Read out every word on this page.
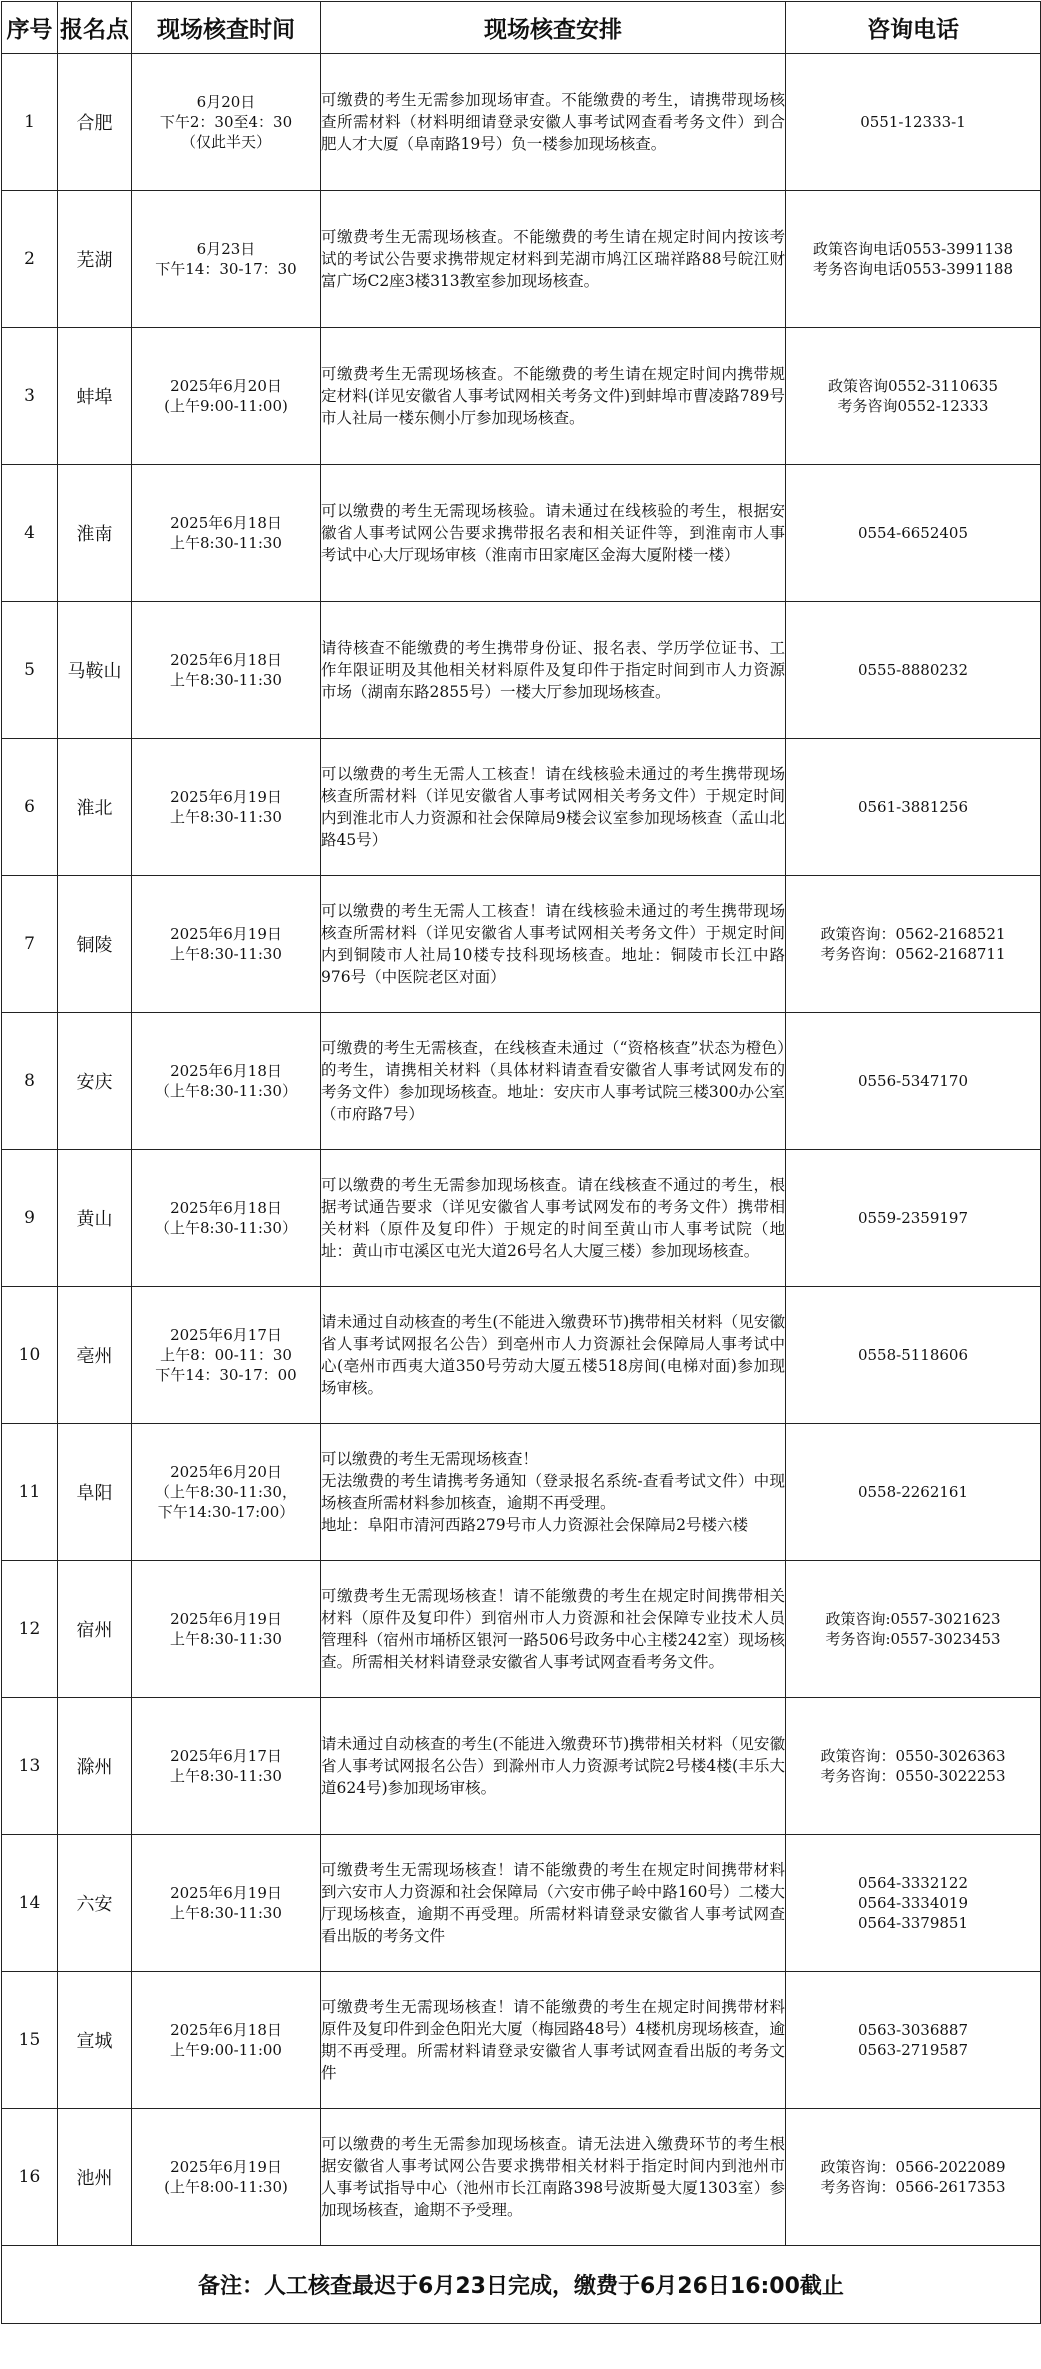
序号	报名点	现场核查时间	现场核查安排	咨询电话
1	合肥	6月20日
下午2：30至4：30
（仅此半天）	可缴费的考生无需参加现场审查。不能缴费的考生，请携带现场核查所需材料（材料明细请登录安徽人事考试网查看考务文件）到合肥人才大厦（阜南路19号）负一楼参加现场核查。	0551-12333-1
2	芜湖	6月23日
下午14：30-17：30	可缴费考生无需现场核查。不能缴费的考生请在规定时间内按该考试的考试公告要求携带规定材料到芜湖市鸠江区瑞祥路88号皖江财富广场C2座3楼313教室参加现场核查。	政策咨询电话0553-3991138
考务咨询电话0553-3991188
3	蚌埠	2025年6月20日
(上午9:00-11:00)	可缴费考生无需现场核查。不能缴费的考生请在规定时间内携带规定材料(详见安徽省人事考试网相关考务文件)到蚌埠市曹凌路789号市人社局一楼东侧小厅参加现场核查。	政策咨询0552-3110635
考务咨询0552-12333
4	淮南	2025年6月18日
上午8:30-11:30	可以缴费的考生无需现场核验。请未通过在线核验的考生，根据安徽省人事考试网公告要求携带报名表和相关证件等，到淮南市人事考试中心大厅现场审核（淮南市田家庵区金海大厦附楼一楼）	0554-6652405
5	马鞍山	2025年6月18日
上午8:30-11:30	请待核查不能缴费的考生携带身份证、报名表、学历学位证书、工作年限证明及其他相关材料原件及复印件于指定时间到市人力资源市场（湖南东路2855号）一楼大厅参加现场核查。	0555-8880232
6	淮北	2025年6月19日
上午8:30-11:30	可以缴费的考生无需人工核查！请在线核验未通过的考生携带现场核查所需材料（详见安徽省人事考试网相关考务文件）于规定时间内到淮北市人力资源和社会保障局9楼会议室参加现场核查（孟山北路45号）	0561-3881256
7	铜陵	2025年6月19日
上午8:30-11:30	可以缴费的考生无需人工核查！请在线核验未通过的考生携带现场核查所需材料（详见安徽省人事考试网相关考务文件）于规定时间内到铜陵市人社局10楼专技科现场核查。地址：铜陵市长江中路976号（中医院老区对面）	政策咨询：0562-2168521
考务咨询：0562-2168711
8	安庆	2025年6月18日
（上午8:30-11:30）	可缴费的考生无需核查，在线核查未通过（“资格核查”状态为橙色）的考生，请携相关材料（具体材料请查看安徽省人事考试网发布的考务文件）参加现场核查。地址：安庆市人事考试院三楼300办公室（市府路7号）	0556-5347170
9	黄山	2025年6月18日
（上午8:30-11:30）	可以缴费的考生无需参加现场核查。请在线核查不通过的考生，根据考试通告要求（详见安徽省人事考试网发布的考务文件）携带相关材料（原件及复印件）于规定的时间至黄山市人事考试院（地址：黄山市屯溪区屯光大道26号名人大厦三楼）参加现场核查。	0559-2359197
10	亳州	2025年6月17日
上午8：00-11：30
下午14：30-17：00	请未通过自动核查的考生(不能进入缴费环节)携带相关材料（见安徽省人事考试网报名公告）到亳州市人力资源社会保障局人事考试中心(亳州市西夷大道350号劳动大厦五楼518房间(电梯对面)参加现场审核。	0558-5118606
11	阜阳	2025年6月20日
（上午8:30-11:30，
下午14:30-17:00）	可以缴费的考生无需现场核查！
无法缴费的考生请携考务通知（登录报名系统-查看考试文件）中现场核查所需材料参加核查，逾期不再受理。
地址：阜阳市清河西路279号市人力资源社会保障局2号楼六楼	0558-2262161
12	宿州	2025年6月19日
上午8:30-11:30	可缴费考生无需现场核查！请不能缴费的考生在规定时间携带相关材料（原件及复印件）到宿州市人力资源和社会保障专业技术人员管理科（宿州市埇桥区银河一路506号政务中心主楼242室）现场核查。所需相关材料请登录安徽省人事考试网查看考务文件。	政策咨询:0557-3021623
考务咨询:0557-3023453
13	滁州	2025年6月17日
上午8:30-11:30	请未通过自动核查的考生(不能进入缴费环节)携带相关材料（见安徽省人事考试网报名公告）到滁州市人力资源考试院2号楼4楼(丰乐大道624号)参加现场审核。	政策咨询：0550-3026363
考务咨询：0550-3022253
14	六安	2025年6月19日
上午8:30-11:30	可缴费考生无需现场核查！请不能缴费的考生在规定时间携带材料到六安市人力资源和社会保障局（六安市佛子岭中路160号）二楼大厅现场核查，逾期不再受理。所需材料请登录安徽省人事考试网查看出版的考务文件	0564-3332122
0564-3334019
0564-3379851
15	宣城	2025年6月18日
上午9:00-11:00	可缴费考生无需现场核查！请不能缴费的考生在规定时间携带材料原件及复印件到金色阳光大厦（梅园路48号）4楼机房现场核查，逾期不再受理。所需材料请登录安徽省人事考试网查看出版的考务文件	0563-3036887
0563-2719587
16	池州	2025年6月19日
(上午8:00-11:30)	可以缴费的考生无需参加现场核查。请无法进入缴费环节的考生根据安徽省人事考试网公告要求携带相关材料于指定时间内到池州市人事考试指导中心（池州市长江南路398号波斯曼大厦1303室）参加现场核查，逾期不予受理。	政策咨询：0566-2022089
考务咨询：0566-2617353
备注：人工核查最迟于6月23日完成，缴费于6月26日16:00截止				
